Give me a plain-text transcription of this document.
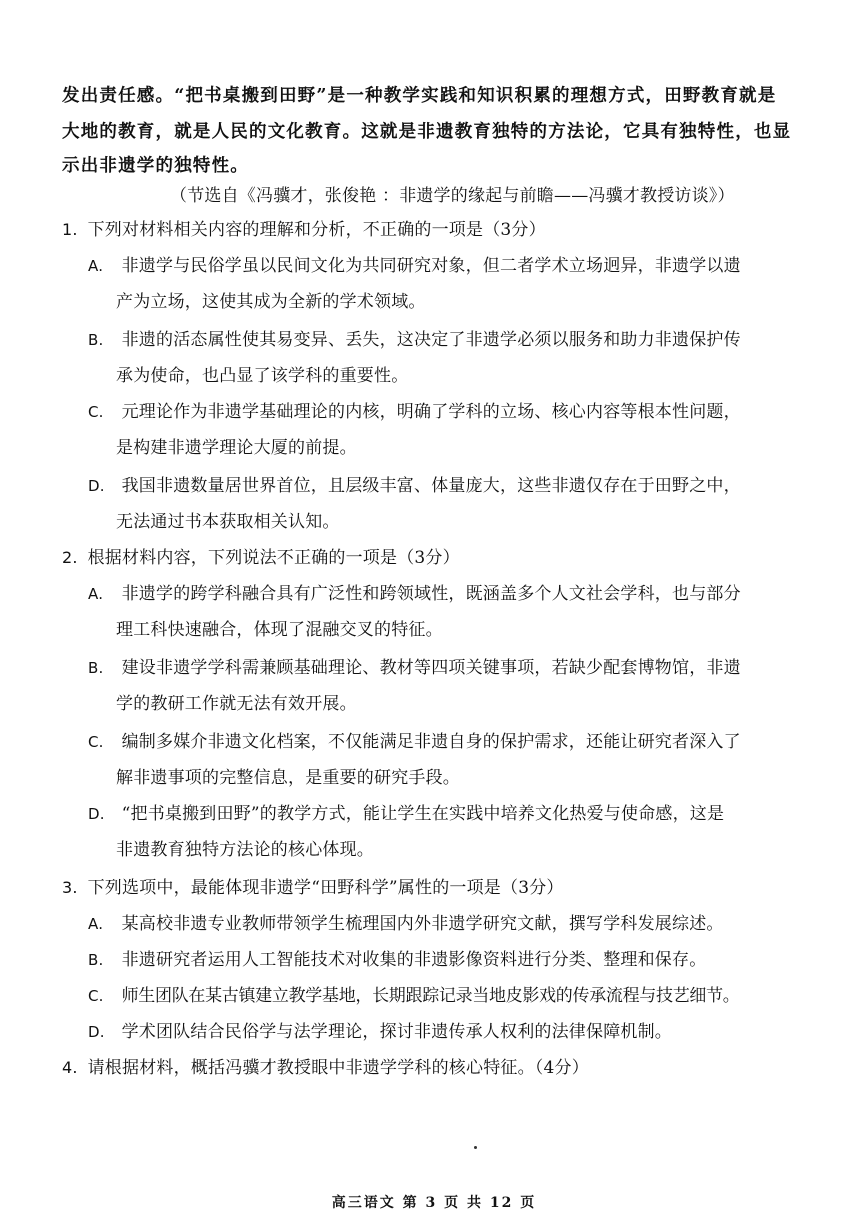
发出责任感。“把书桌搬到田野”是一种教学实践和知识积累的理想方式，田野教育就是
大地的教育，就是人民的文化教育。这就是非遗教育独特的方法论，它具有独特性，也显
示出非遗学的独特性。
（节选自《冯骥才，张俊艳 ：非遗学的缘起与前瞻——冯骥才教授访谈》）
1. 下列对材料相关内容的理解和分析，不正确的一项是（3分）
A. 非遗学与民俗学虽以民间文化为共同研究对象，但二者学术立场迥异，非遗学以遗
产为立场，这使其成为全新的学术领域。
B. 非遗的活态属性使其易变异、丢失，这决定了非遗学必须以服务和助力非遗保护传
承为使命，也凸显了该学科的重要性。
C. 元理论作为非遗学基础理论的内核，明确了学科的立场、核心内容等根本性问题，
是构建非遗学理论大厦的前提。
D. 我国非遗数量居世界首位，且层级丰富、体量庞大，这些非遗仅存在于田野之中，
无法通过书本获取相关认知。
2. 根据材料内容，下列说法不正确的一项是（3分）
A. 非遗学的跨学科融合具有广泛性和跨领域性，既涵盖多个人文社会学科，也与部分
理工科快速融合，体现了混融交叉的特征。
B. 建设非遗学学科需兼顾基础理论、教材等四项关键事项，若缺少配套博物馆，非遗
学的教研工作就无法有效开展。
C. 编制多媒介非遗文化档案，不仅能满足非遗自身的保护需求，还能让研究者深入了
解非遗事项的完整信息，是重要的研究手段。
D. “把书桌搬到田野”的教学方式，能让学生在实践中培养文化热爱与使命感，这是
非遗教育独特方法论的核心体现。
3. 下列选项中，最能体现非遗学“田野科学”属性的一项是（3分）
A. 某高校非遗专业教师带领学生梳理国内外非遗学研究文献，撰写学科发展综述。
B. 非遗研究者运用人工智能技术对收集的非遗影像资料进行分类、整理和保存。
C. 师生团队在某古镇建立教学基地，长期跟踪记录当地皮影戏的传承流程与技艺细节。
D. 学术团队结合民俗学与法学理论，探讨非遗传承人权利的法律保障机制。
4. 请根据材料，概括冯骥才教授眼中非遗学学科的核心特征。（4分）
高三语文 第 3 页 共 12 页
